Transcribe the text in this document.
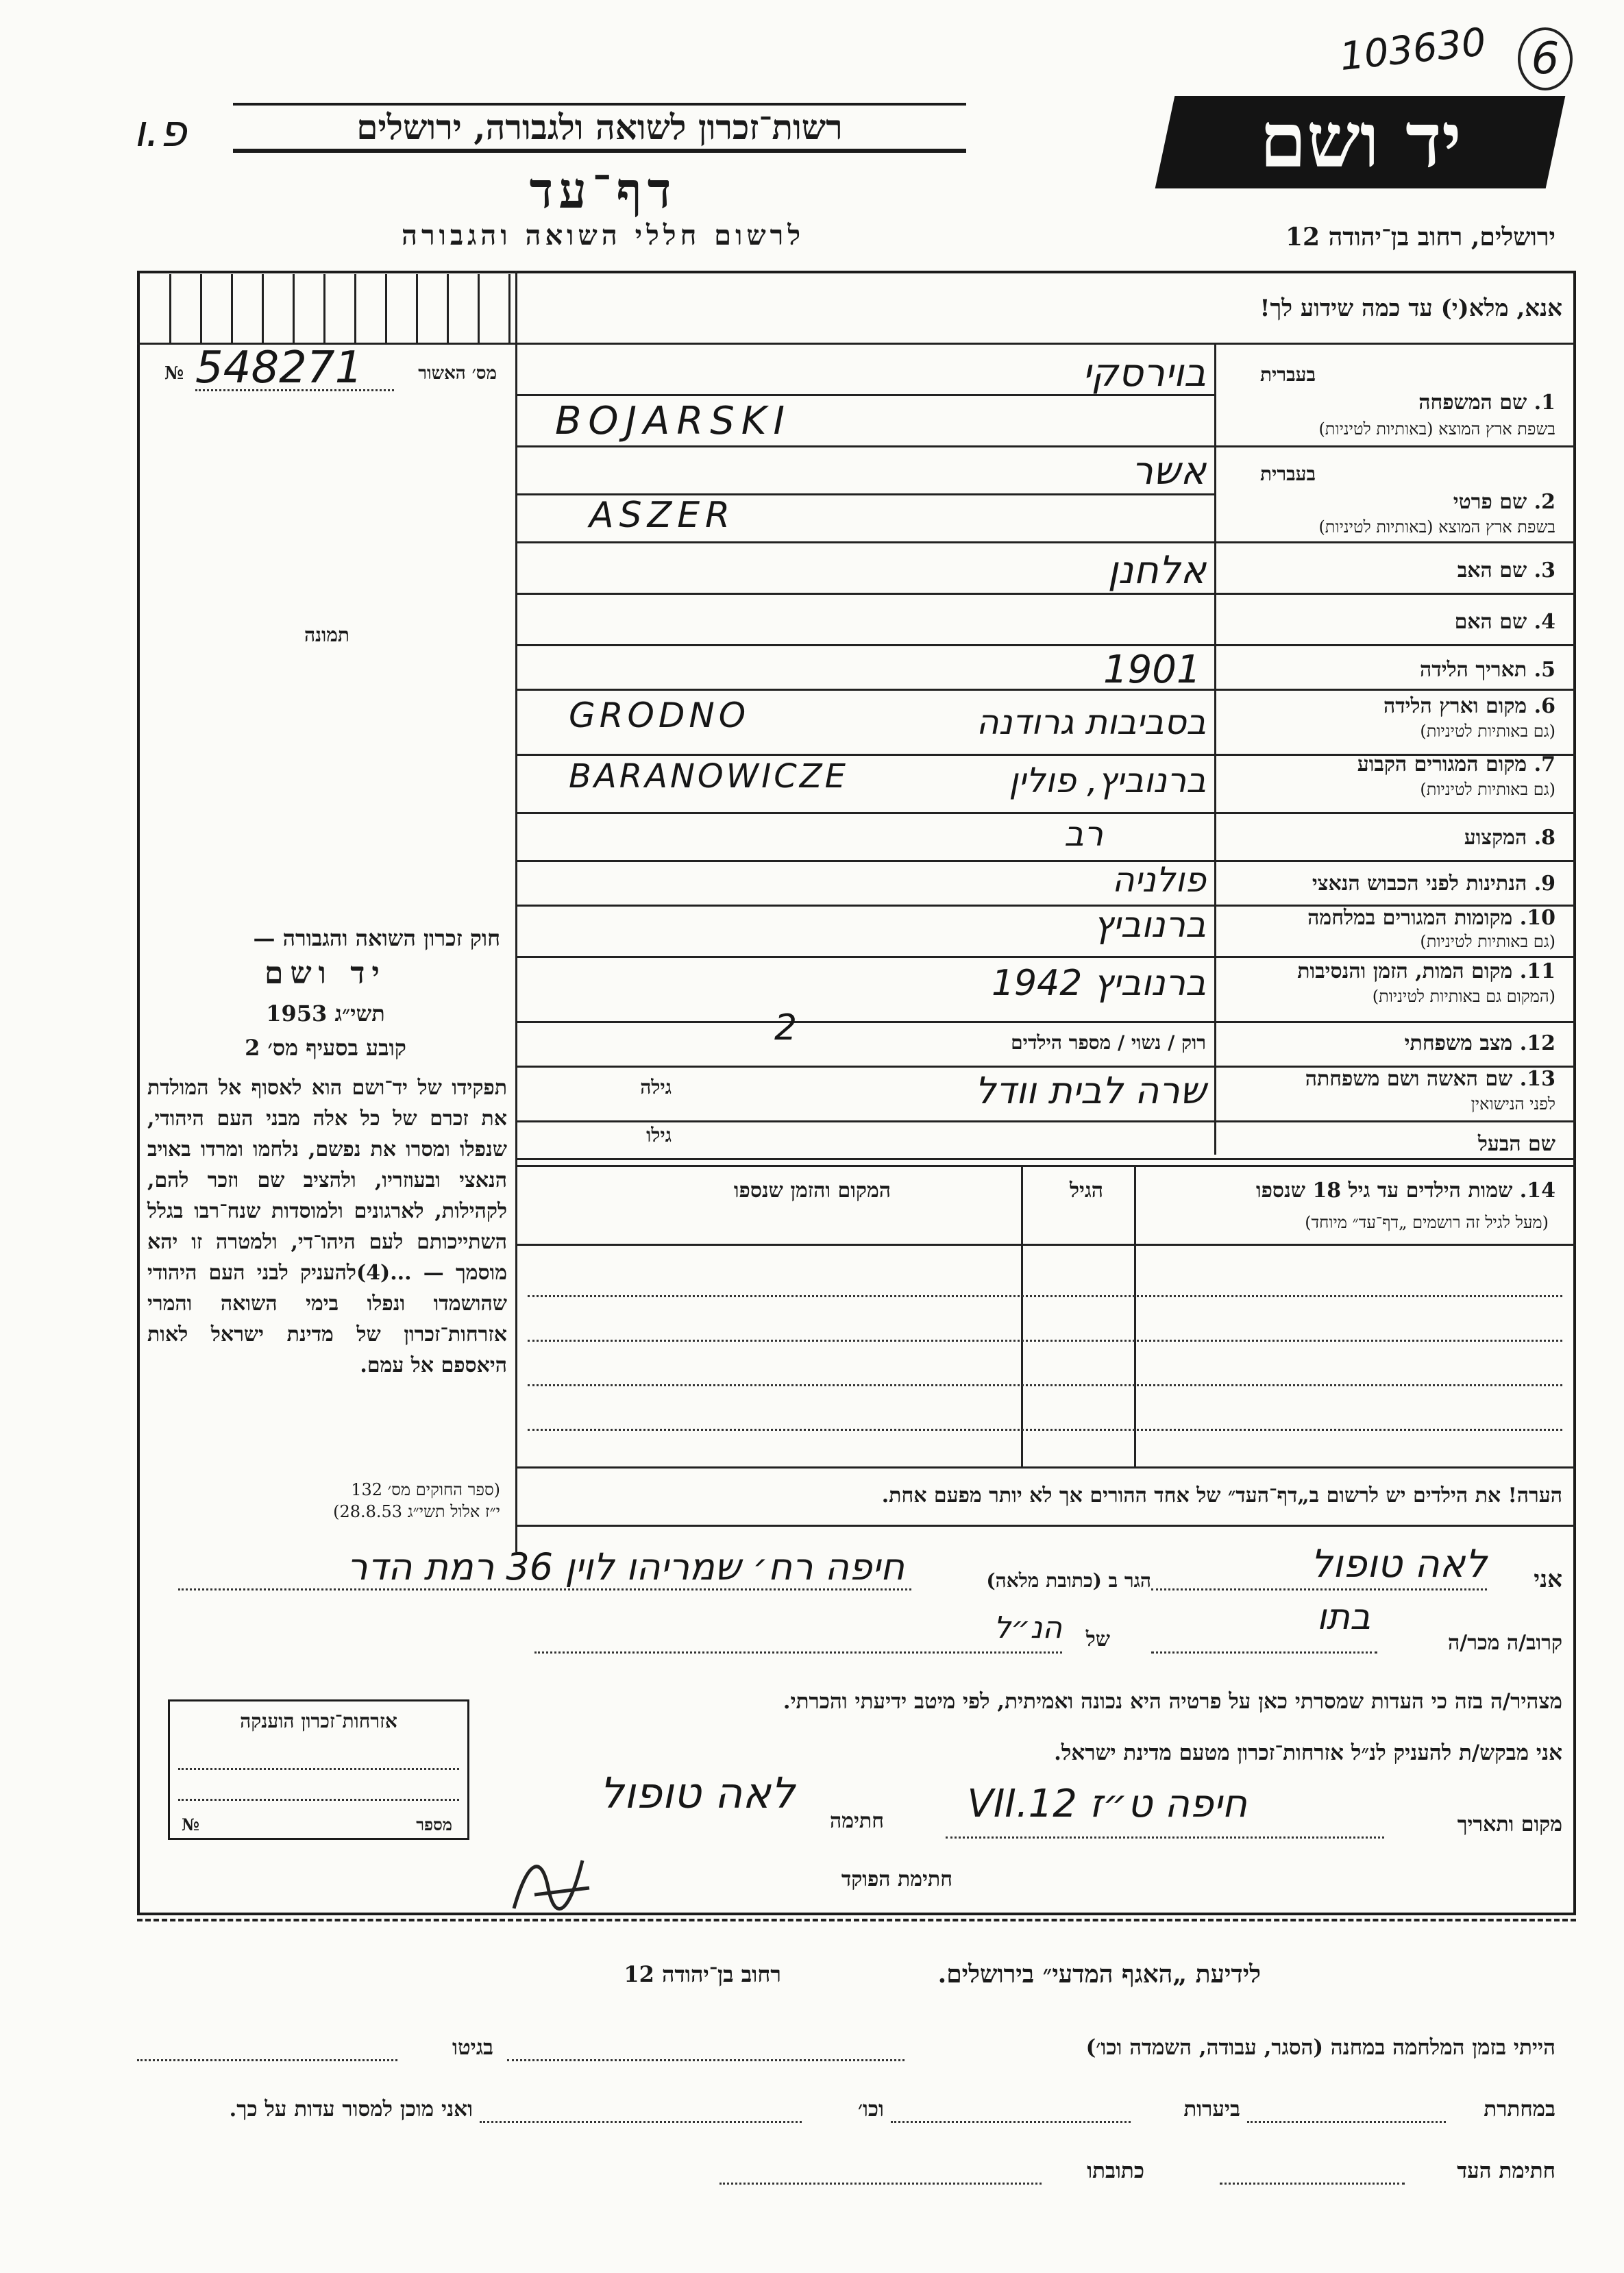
103630 6
פ.ו	רשות־זכרון לשואה ולגבורה, ירושלים
דף־עד
לרשום חללי השואה והגבורה
יד ושם
ירושלים, רחוב בן־יהודה 12
אנא, מלא(י) עד כמה שידוע לך!
מס׳ האשור
№ 548271
תמונה
בעברית
1. שם המשפחה
בשפת ארץ המוצא (באותיות לטיניות)
בוירסקי
BOJARSKI
בעברית
2. שם פרטי
בשפת ארץ המוצא (באותיות לטיניות)
אשר
ASZER
3. שם האב
אלחנן
4. שם האם
5. תאריך הלידה
1901
6. מקום וארץ הלידה
(גם באותיות לטיניות)
בסביבות גרודנה
GRODNO
7. מקום המגורים הקבוע
(גם באותיות לטיניות)
ברנוביץ, פולין
BARANOWICZE
8. המקצוע
רב
9. הנתינות לפני הכבוש הנאצי
פולניה
10. מקומות המגורים במלחמה
(גם באותיות לטיניות)
ברנוביץ
11. מקום המות, הזמן והנסיבות
(המקום גם באותיות לטיניות)
ברנוביץ 1942
12. מצב משפחתי
רוק / נשוי / מספר הילדים
2
13. שם האשה ושם משפחתה
לפני הנישואין
שרה לבית וודל
גילה
שם הבעל
גילו
14. שמות הילדים עד גיל 18 שנספו
(מעל לגיל זה רושמים „דף־עד״ מיוחד)
הגיל
המקום והזמן שנספו
הערה! את הילדים יש לרשום ב„דף־העד״ של אחד ההורים אך לא יותר מפעם אחת.
חוק זכרון השואה והגבורה —
יד ושם
תשי״ג 1953
קובע בסעיף מס׳ 2
תפקידו של יד־ושם הוא לאסוף אל המולדת את זכרם של כל אלה מבני העם היהודי, שנפלו ומסרו את נפשם, נלחמו ומרדו באויב הנאצי ובעוזריו, ולהציב שם וזכר להם, לקהילות, לארגונים ולמוסדות שנח־רבו בגלל השתייכותם לעם היהו־די, ולמטרה זו יהא מוסמך — ...(4)להעניק לבני העם היהודי שהושמדו ונפלו בימי השואה והמרי אזרחות־זכרון של מדינת ישראל לאות היאספם אל עמם.
(ספר החוקים מס׳ 132
י״ז אלול תשי״ג 28.8.53)
אני
לאה טופול
הגר ב (כתובת מלאה)
חיפה רח׳ שמריהו לוין 36 רמת הדר
קרוב/ה מכר/ה
בתו
של
הנ״ל
מצהיר/ה בזה כי העדות שמסרתי כאן על פרטיה היא נכונה ואמיתית, לפי מיטב ידיעתי והכרתי.
אני מבקש/ת להעניק לנ״ל אזרחות־זכרון מטעם מדינת ישראל.
מקום ותאריך
חיפה ט״ז 12.VII
חתימה
לאה טופול
חתימת הפוקד
אזרחות־זכרון הוענקה
№	מספר
לידיעת „האגף המדעי״ בירושלים.
רחוב בן־יהודה 12
הייתי בזמן המלחמה במחנה (הסגר, עבודה, השמדה וכו׳)
בגיטו
במחתרת
ביערות
וכו׳
ואני מוכן למסור עדות על כך.
חתימת העד
כתובתו
